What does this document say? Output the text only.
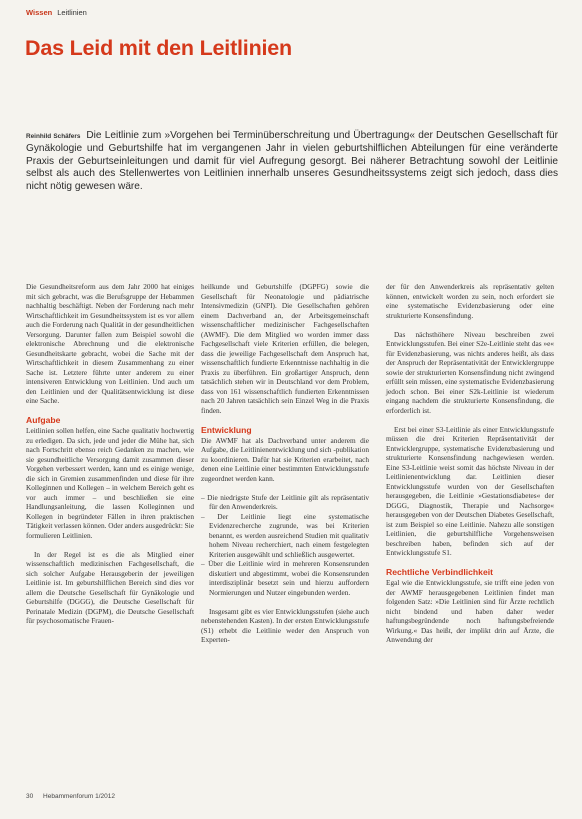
Wissen Leitlinien
Das Leid mit den Leitlinien

Reinhild Schäfers Die Leitlinie zum »Vorgehen bei Terminüberschreitung und Übertragung« der Deutschen Gesellschaft für Gynäkologie und Geburtshilfe hat im vergangenen Jahr in vielen geburtshilflichen Abteilungen für eine veränderte Praxis der Geburtseinleitungen und damit für viel Aufregung gesorgt. Bei näherer Betrachtung sowohl der Leitlinie selbst als auch des Stellenwertes von Leitlinien innerhalb unseres Gesundheitssystems zeigt sich jedoch, dass dies nicht nötig gewesen wäre.

Die Gesundheitsreform aus dem Jahr 2000 hat einiges mit sich gebracht, was die Berufsgruppe der Hebammen nachhaltig beschäftigt. Neben der Forderung nach mehr Wirtschaftlichkeit im Gesundheitssystem ist es vor allem auch die Forderung nach Qualität in der gesundheitlichen Versorgung. Darunter fallen zum Beispiel sowohl die elektronische Abrechnung und die elektronische Gesundheitskarte gebracht, wobei die Sache mit der Wirtschaftlichkeit in diesem Zusammenhang zu einer Sache ist. Letztere führte unter anderem zu einer intensiveren Entwicklung von Leitlinien. Und auch um den Leitlinien und der Qualitätsentwicklung ist diese eine Sache.

Aufgabe

Leitlinien sollen helfen, eine Sache qualitativ hochwertig zu erledigen. Da sich, jede und jeder die Mühe hat, sich nach Fortschritt ebenso reich Gedanken zu machen, wie sie gesundheitliche Versorgung damit zusammen dieser Vorgehen verbessert werden, kann und es einige wenige, die sich in Gremien zusammenfinden und diese für ihre Kolleginnen und Kollegen – in welchem Bereich geht es vor auch immer – und beschließen sie eine Handlungsanleitung, die lassen Kolleginnen und Kollegen in begründeter Fällen in ihren praktischen Tätigkeit verlassen können. Oder anders ausgedrückt: Sie formulieren Leitlinien.

In der Regel ist es die als Mitglied einer wissenschaftlich medizinischen Fachgesellschaft, die sich solcher Aufgabe Herausgeberin der jeweiligen Leitlinie ist. Im geburtshilflichen Bereich sind dies vor allem die Deutsche Gesellschaft für Gynäkologie und Geburtshilfe (DGGG), die Deutsche Gesellschaft für Perinatale Medizin (DGPM), die Deutsche Gesellschaft für psychosomatische Frauen-

heilkunde und Geburtshilfe (DGPFG) sowie die Gesellschaft für Neonatologie und pädiatrische Intensivmedizin (GNPI). Die Gesellschaften gehören einem Dachverband an, der Arbeitsgemeinschaft wissenschaftlicher medizinischer Fachgesellschaften (AWMF). Die dem Mitglied wo worden immer dass Fachgesellschaft viele Kriterien erfüllen, die belegen, dass die jeweilige Fachgesellschaft dem Anspruch hat, wissenschaftlich fundierte Erkenntnisse nachhaltig in die Praxis zu überführen. Ein großartiger Anspruch, denn tatsächlich stehen wir in Deutschland vor dem Problem, dass von 161 wissenschaftlich fundierten Erkenntnissen nach 20 Jahren tatsächlich sein Einzel Weg in die Praxis finden.

Entwicklung

Die AWMF hat als Dachverband unter anderem die Aufgabe, die Leitlinienentwicklung und sich -publikation zu koordinieren. Dafür hat sie Kriterien erarbeitet, nach denen eine Leitlinie einer bestimmten Entwicklungsstufe zugeordnet werden kann.

– Die niedrigste Stufe der Leitlinie gilt als repräsentativ für den Anwenderkreis.
– Der Leitlinie liegt eine systematische Evidenzrecherche zugrunde, was bei Kriterien benannt, es werden ausreichend Studien mit qualitativ hohem Niveau recherchiert, nach einem festgelegten Kriterien ausgewählt und schließlich ausgewertet.
– Über die Leitlinie wird in mehreren Konsensrunden diskutiert und abgestimmt, wobei die Konsensrunden interdisziplinär besetzt sein und hierzu auffordern Normierungen und Nutzer eingebunden werden.

Insgesamt gibt es vier Entwicklungsstufen (siehe auch nebenstehenden Kasten). In der ersten Entwicklungsstufe (S1) erhebt die Leitlinie weder den Anspruch von Experten-

der für den Anwenderkreis als repräsentativ gelten können, entwickelt worden zu sein, noch erfordert sie eine systematische Evidenzbasierung oder eine strukturierte Konsensfindung.

Das nächsthöhere Niveau beschreiben zwei Entwicklungsstufen. Bei einer S2e-Leitlinie steht das »e« für Evidenzbasierung, was nichts anderes heißt, als dass der Anspruch der Repräsentativität der Entwicklergruppe sowie der strukturierten Konsensfindung nicht zwingend erfüllt sein müssen, eine systematische Evidenzbasierung jedoch schon. Bei einer S2k-Leitlinie ist wiederum eingang nachdem die strukturierte Konsensfindung, die erforderlich ist.

Erst bei einer S3-Leitlinie als einer Entwicklungsstufe müssen die drei Kriterien Repräsentativität der Entwicklergruppe, systematische Evidenzbasierung und strukturierte Konsensfindung nachgewiesen werden. Eine S3-Leitlinie weist somit das höchste Niveau in der Leitlinienentwicklung dar. Leitlinien dieser Entwicklungsstufe wurden von der Gesellschaften herausgegeben, die Leitlinie »Gestationsdiabetes« der DGGG, Diagnostik, Therapie und Nachsorge« herausgegeben von der Deutschen Diabetes Gesellschaft, ist zum Beispiel so eine Leitlinie. Nahezu alle sonstigen Leitlinien, die geburtshilfliche Vorgehensweisen beschreiben haben, befinden sich auf der Entwicklungsstufe S1.

Rechtliche Verbindlichkeit

Egal wie die Entwicklungsstufe, sie trifft eine jeden von der AWMF herausgegebenen Leitlinien findet man folgenden Satz: »Die Leitlinien sind für Ärzte rechtlich nicht bindend und haben daher weder haftungsbegründende noch haftungsbefreiende Wirkung.« Das heißt, der implikt drin auf Ärzte, die Anwendung der

30 Hebammenforum 1/2012
